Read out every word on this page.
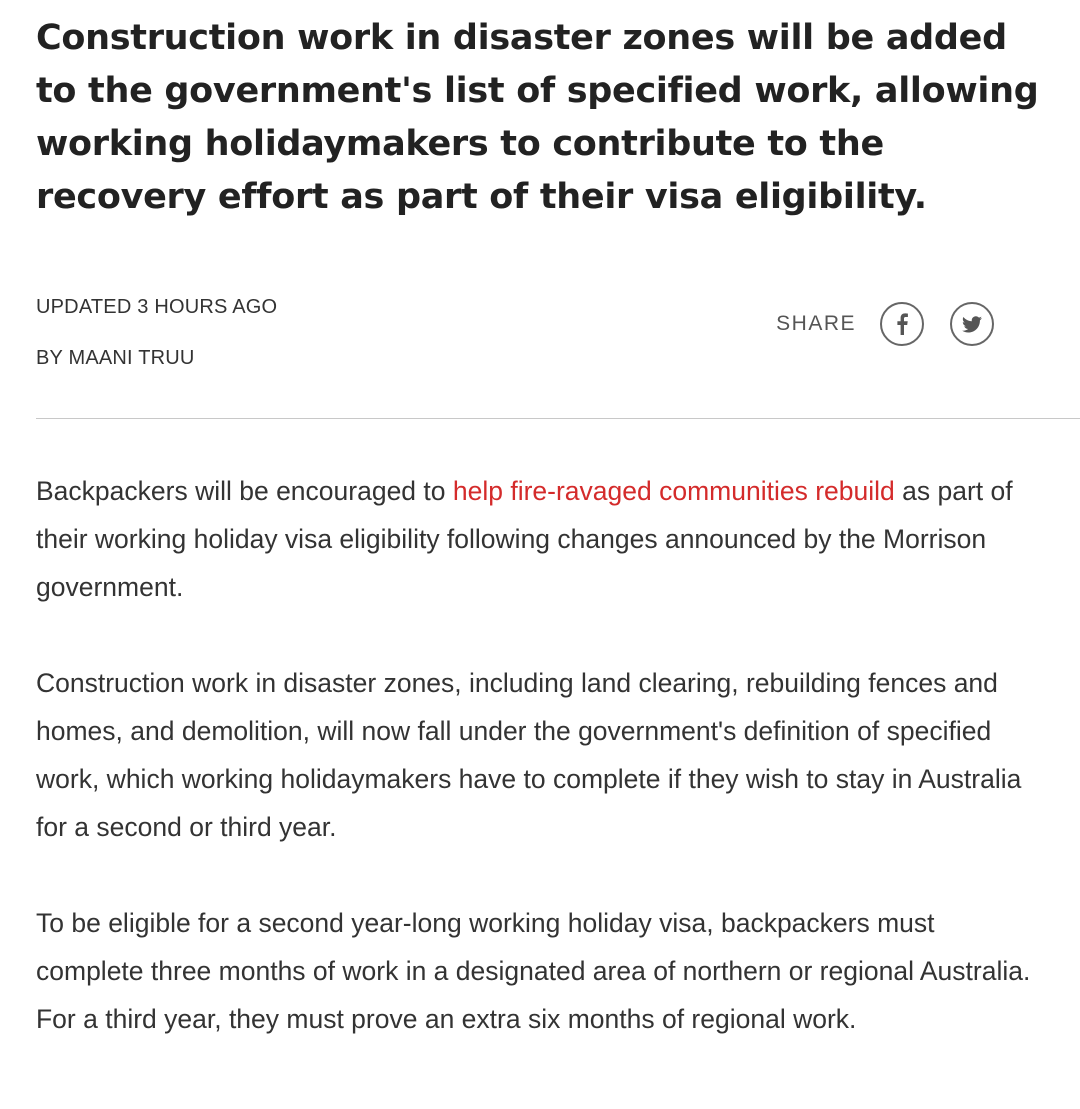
Construction work in disaster zones will be added to the government's list of specified work, allowing working holidaymakers to contribute to the recovery effort as part of their visa eligibility.
UPDATED 3 HOURS AGO
BY MAANI TRUU
SHARE

Backpackers will be encouraged to help fire-ravaged communities rebuild as part of their working holiday visa eligibility following changes announced by the Morrison government.

Construction work in disaster zones, including land clearing, rebuilding fences and homes, and demolition, will now fall under the government's definition of specified work, which working holidaymakers have to complete if they wish to stay in Australia for a second or third year.

To be eligible for a second year-long working holiday visa, backpackers must complete three months of work in a designated area of northern or regional Australia. For a third year, they must prove an extra six months of regional work.
